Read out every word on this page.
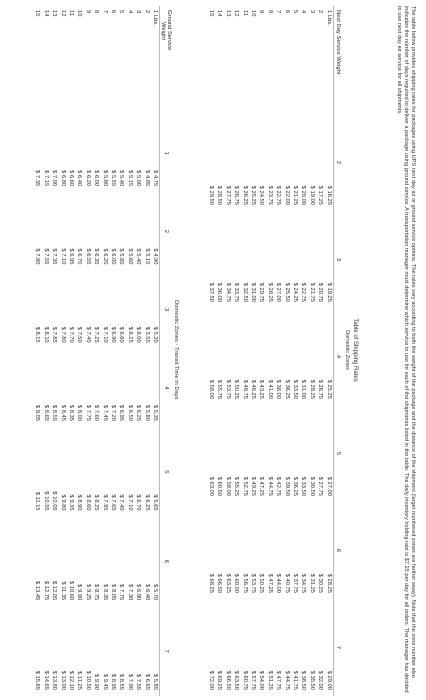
The table below provides shipping rates for packages using UPS next day air or ground service options. The rates vary according to both the weight of the package and the distance of the shipment (larger numbered zones are farther away). Note that the zone number also indicates the number of days required to deliver a package using ground service. A transportation manager must determine which service to use for each of the shipments listed in the table. The daily inventory holding rate is $7.25 per day for all orders. The manager has decided to use next day air service for all shipments.

Table of Shipping Rates
Domestic Zones
Next Day Service Weight	2	3	4	5	6	7
1 Lbs.	$ 16.25	$ 19.25	$ 25.25	$ 27.00	$ 28.25	$ 29.00
2	$ 17.25	$ 20.75	$ 26.75	$ 27.75	$ 30.25	$ 32.00
3	$ 19.00	$ 21.75	$ 28.25	$ 30.50	$ 31.25	$ 35.50
4	$ 20.00	$ 22.75	$ 31.00	$ 33.50	$ 34.75	$ 38.50
5	$ 21.25	$ 24.25	$ 33.50	$ 36.25	$ 37.75	$ 41.75
6	$ 22.00	$ 25.50	$ 36.25	$ 39.50	$ 40.75	$ 44.75
7	$ 22.75	$ 27.00	$ 38.00	$ 42.75	$ 44.00	$ 47.75
8	$ 23.75	$ 28.25	$ 41.00	$ 44.75	$ 47.25	$ 51.25
9	$ 24.50	$ 29.75	$ 43.25	$ 47.25	$ 50.25	$ 54.00
10	$ 25.25	$ 31.00	$ 46.25	$ 49.25	$ 53.75	$ 57.75
11	$ 26.25	$ 32.50	$ 48.75	$ 52.75	$ 56.75	$ 60.75
12	$ 26.75	$ 33.75	$ 50.25	$ 55.25	$ 60.00	$ 63.50
13	$ 27.75	$ 34.75	$ 53.75	$ 58.00	$ 63.25	$ 66.50
14	$ 28.50	$ 36.00	$ 55.75	$ 60.50	$ 66.50	$ 69.25
15	$ 29.50	$ 37.50	$ 58.00	$ 63.00	$ 68.25	$ 72.00
Domestic Zones - Transit Time in Days
Ground Service
Weight	1	2	3	4	5	6	7
1 Lbs.	$ 4.75	$ 4.90	$ 5.20	$ 5.35	$ 5.65	$ 5.70	$ 5.85
2	$ 4.85	$ 5.15	$ 5.55	$ 5.80	$ 6.25	$ 6.40	$ 6.65
3	$ 5.00	$ 5.40	$ 6.00	$ 6.25	$ 6.70	$ 6.90	$ 7.55
4	$ 5.15	$ 5.60	$ 6.25	$ 6.50	$ 7.10	$ 7.30	$ 7.90
5	$ 5.40	$ 5.80	$ 6.60	$ 6.95	$ 7.40	$ 7.75	$ 8.55
6	$ 5.55	$ 6.00	$ 6.90	$ 7.20	$ 7.65	$ 8.05	$ 8.95
7	$ 5.80	$ 6.20	$ 7.10	$ 7.45	$ 7.95	$ 8.35	$ 9.45
8	$ 6.00	$ 6.35	$ 7.25	$ 7.60	$ 8.25	$ 8.75	$ 9.90
9	$ 6.20	$ 6.55	$ 7.40	$ 7.75	$ 8.60	$ 9.25	$ 10.50
10	$ 6.40	$ 6.70	$ 7.50	$ 8.00	$ 8.90	$ 9.90	$ 11.25
11	$ 6.60	$ 6.95	$ 7.70	$ 8.35	$ 9.35	$ 10.60	$ 12.10
12	$ 6.80	$ 7.10	$ 7.80	$ 8.45	$ 9.80	$ 11.35	$ 13.00
13	$ 7.00	$ 7.35	$ 7.85	$ 8.55	$ 10.05	$ 12.05	$ 13.80
14	$ 7.15	$ 7.55	$ 8.10	$ 8.65	$ 10.55	$ 12.75	$ 14.65
15	$ 7.35	$ 7.80	$ 8.15	$ 9.05	$ 11.15	$ 13.45	$ 15.65
